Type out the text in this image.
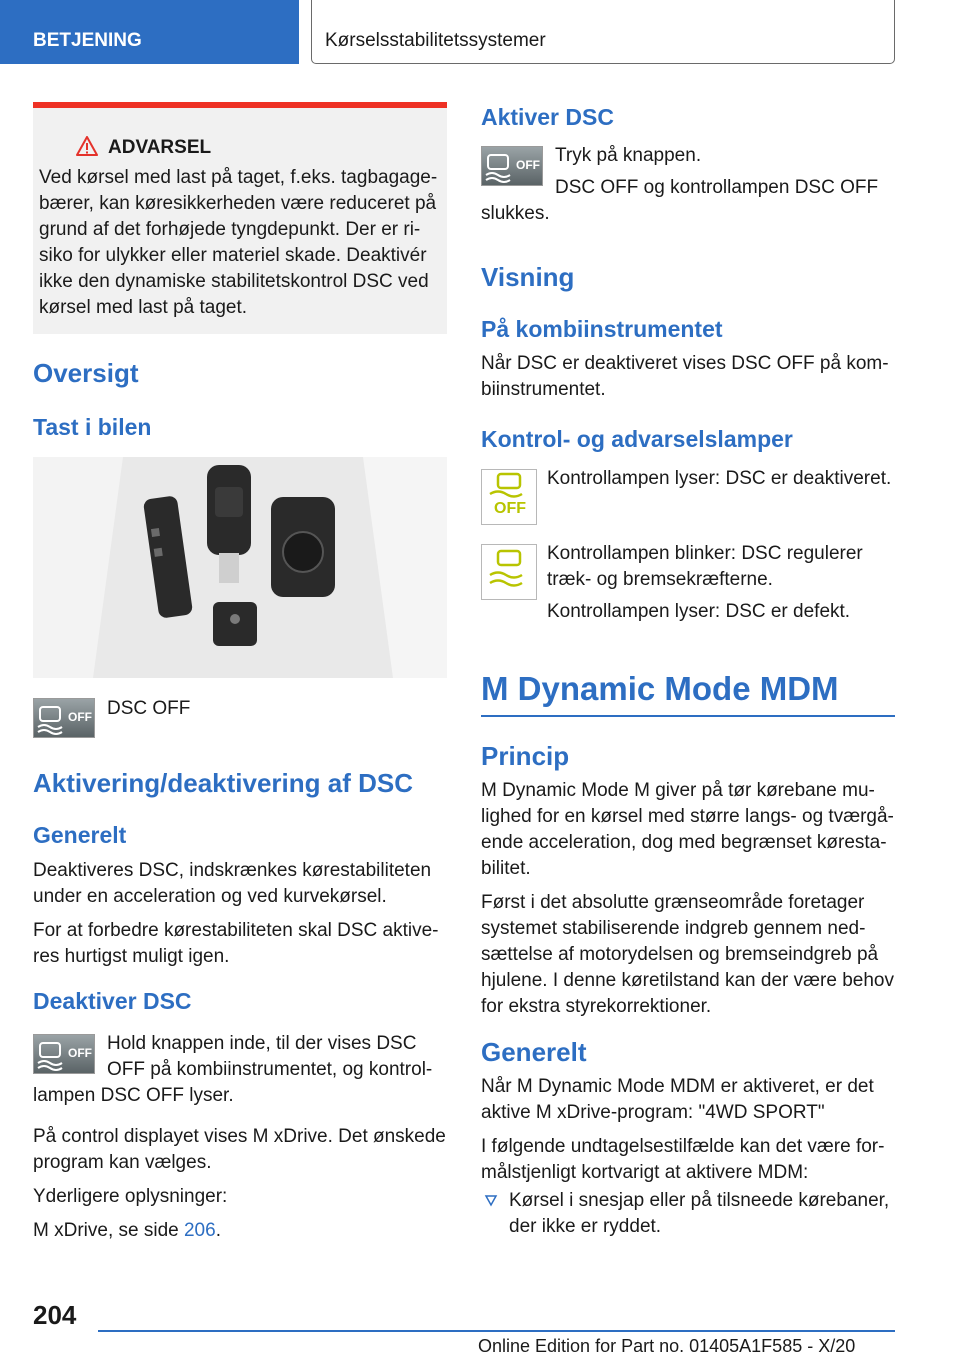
BETJENING	Kørselsstabilitetssystemer
ADVARSEL

Ved kørsel med last på taget, f.eks. tagbagage-

bærer, kan køresikkerheden være reduceret på

grund af det forhøjede tyngdepunkt. Der er ri-

siko for ulykker eller materiel skade. Deaktivér

ikke den dynamiske stabilitetskontrol DSC ved

kørsel med last på taget.

Oversigt
Tast i bilen
OFF DSC OFF

Aktivering/deaktivering af DSC
Generelt

Deaktiveres DSC, indskrænkes kørestabiliteten

under en acceleration og ved kurvekørsel.

For at forbedre kørestabiliteten skal DSC aktive-

res hurtigst muligt igen.

Deaktiver DSC
OFF Hold knappen inde, til der vises DSC

OFF på kombiinstrumentet, og kontrol-

lampen DSC OFF lyser.

På control displayet vises M xDrive. Det ønskede

program kan vælges.

Yderligere oplysninger:

M xDrive, se side 206.

Aktiver DSC
OFF Tryk på knappen.

DSC OFF og kontrollampen DSC OFF

slukkes.

Visning
På kombiinstrumentet

Når DSC er deaktiveret vises DSC OFF på kom-

biinstrumentet.

Kontrol- og advarselslamper
OFF

Kontrollampen lyser: DSC er deaktiveret.

Kontrollampen blinker: DSC regulerer

træk- og bremsekræfterne.

Kontrollampen lyser: DSC er defekt.

M Dynamic Mode MDM
Princip

M Dynamic Mode M giver på tør kørebane mu-

lighed for en kørsel med større langs- og tværgå-

ende acceleration, dog med begrænset køresta-

bilitet.

Først i det absolutte grænseområde foretager

systemet stabiliserende indgreb gennem ned-

sættelse af motorydelsen og bremseindgreb på

hjulene. I denne køretilstand kan der være behov

for ekstra styrekorrektioner.

Generelt

Når M Dynamic Mode MDM er aktiveret, er det

aktive M xDrive-program: "4WD SPORT"

I følgende undtagelsestilfælde kan det være for-

målstjenligt kortvarigt at aktivere MDM:

Kørsel i snesjap eller på tilsneede kørebaner,

der ikke er ryddet.

204
Online Edition for Part no. 01405A1F585 - X/20
